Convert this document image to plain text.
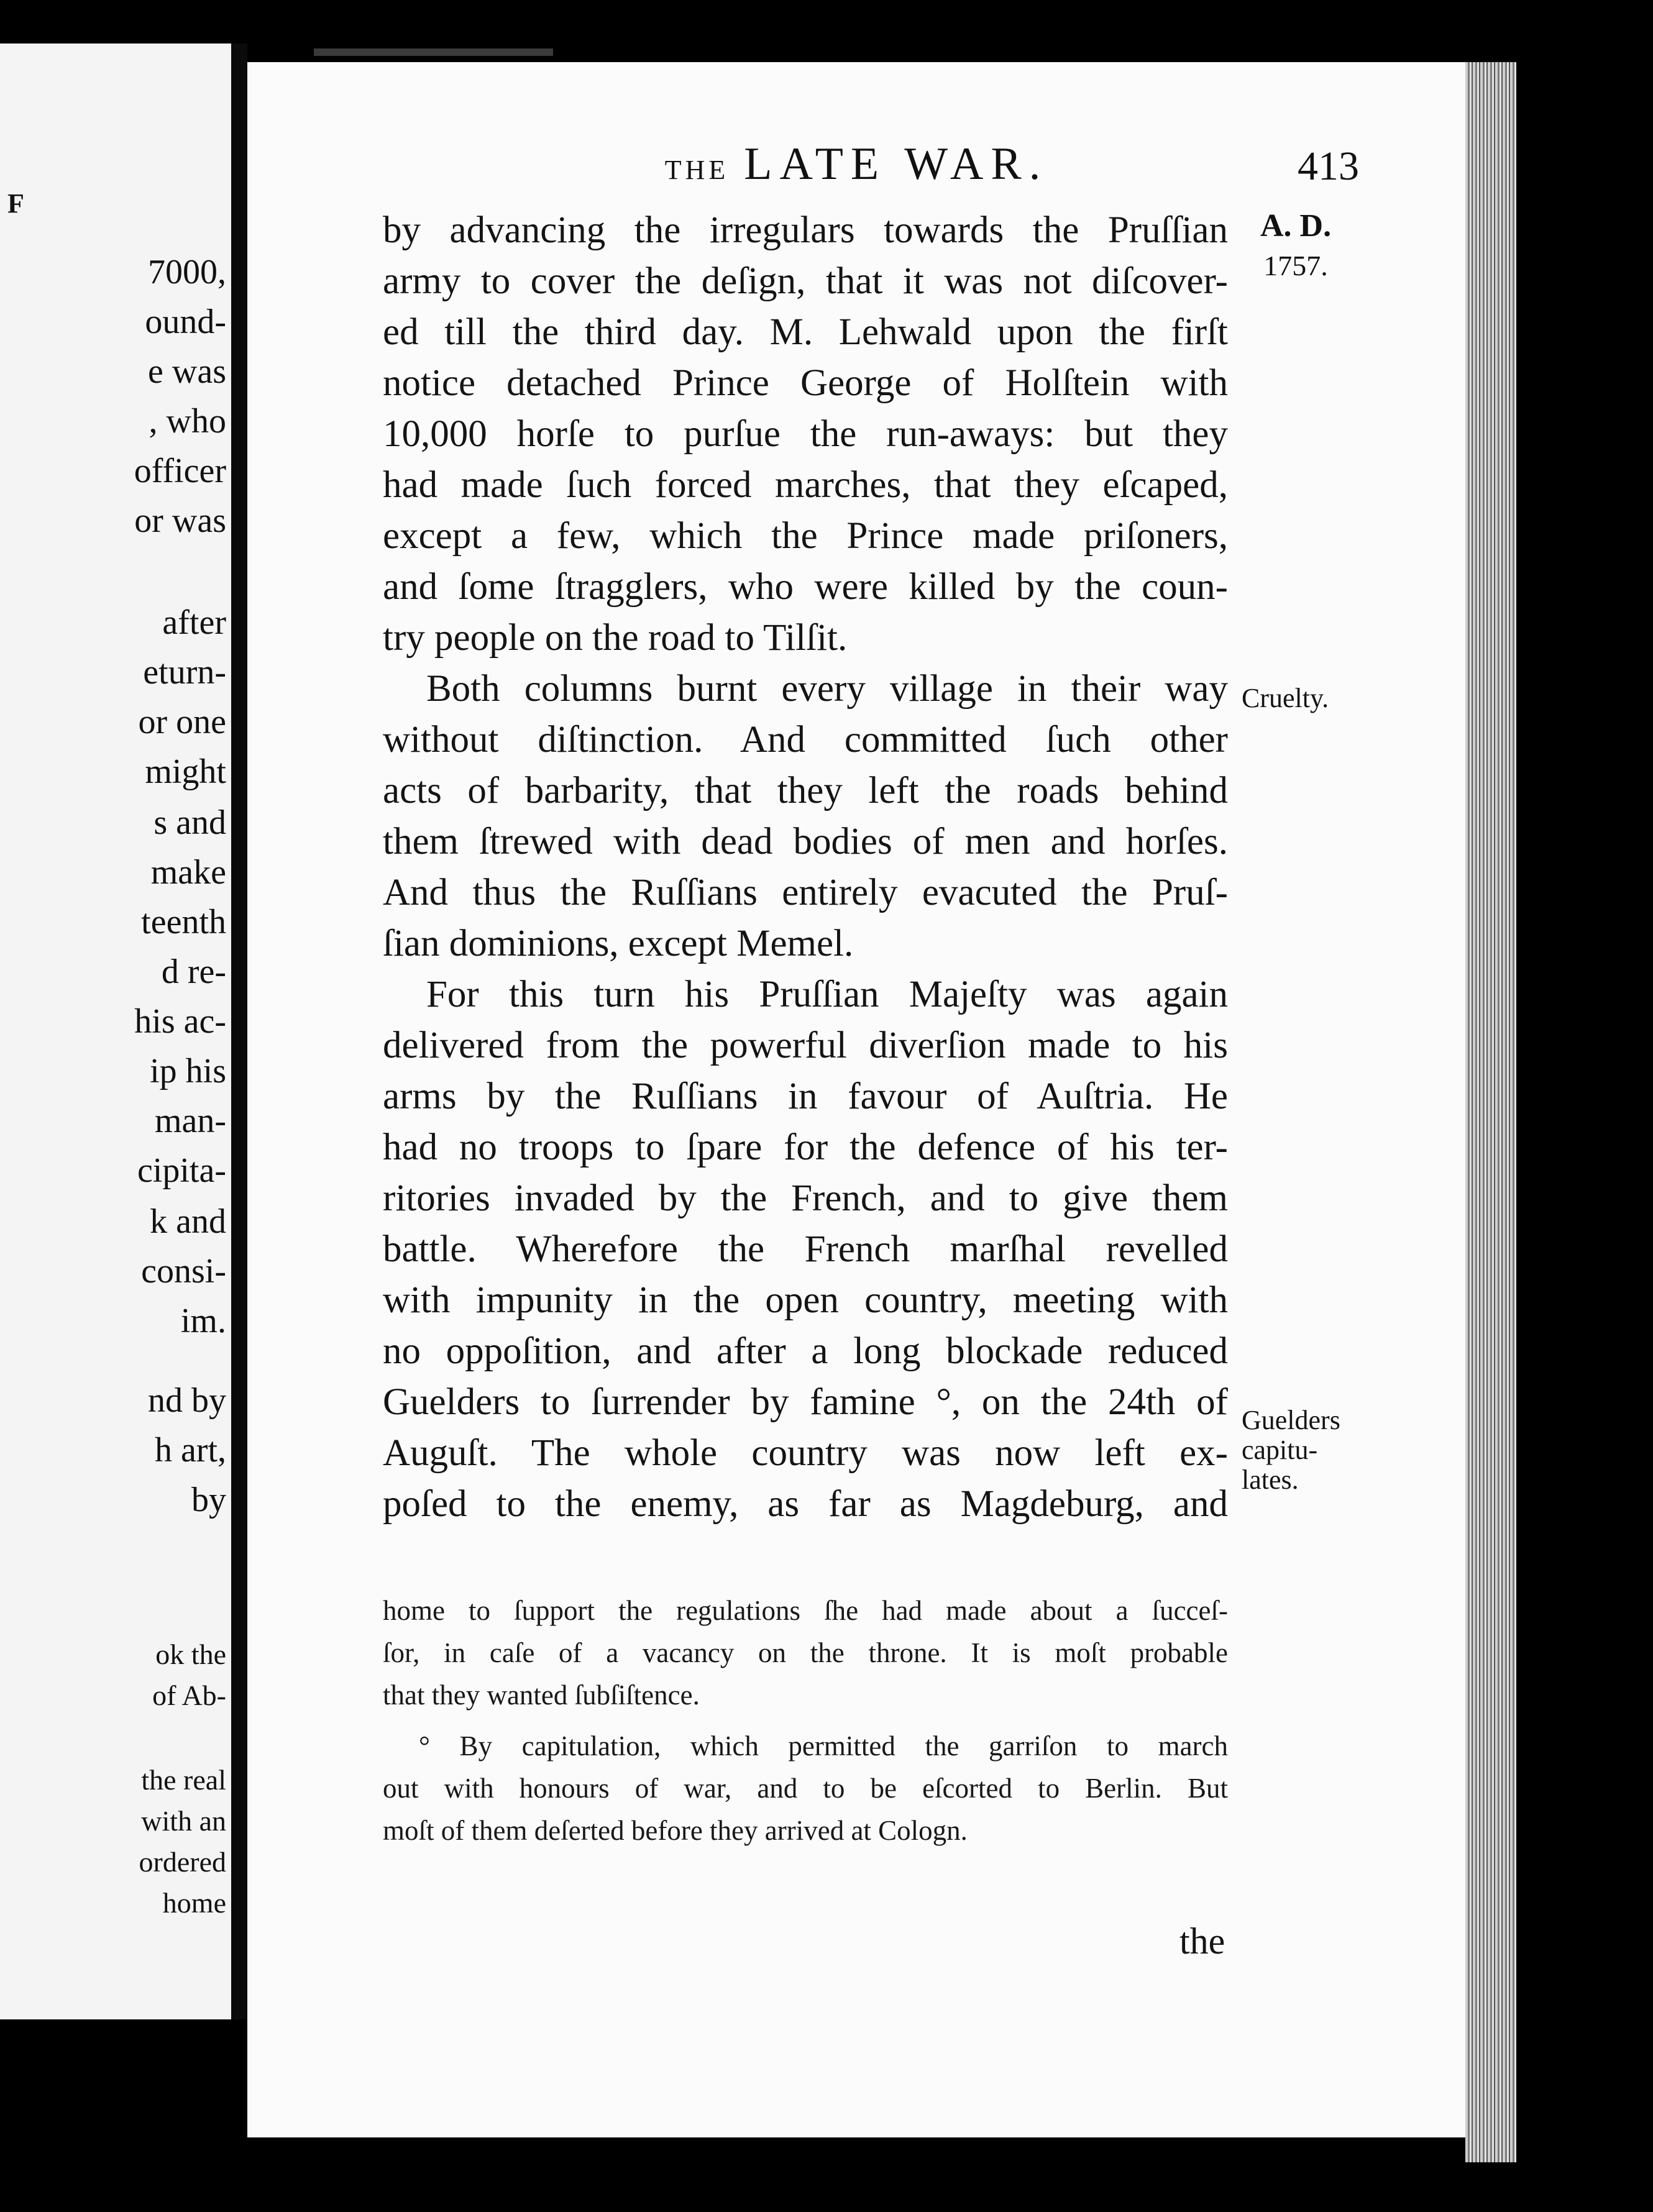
F
7000,
ound-
e was
, who
officer
or was
after
eturn-
or one
might
s and
make
teenth
d re-
his ac-
ip his
man-
cipita-
k and
consi-
im.
nd by
h art,
by
ok the
of Ab-
the real
with an
ordered
home
THE LATE WAR.	413
A. D.
1757.
by advancing the irregulars towards the Pruſſian
army to cover the deſign, that it was not diſcover-
ed till the third day. M. Lehwald upon the firſt
notice detached Prince George of Holſtein with
10,000 horſe to purſue the run-aways: but they
had made ſuch forced marches, that they eſcaped,
except a few, which the Prince made priſoners,
and ſome ſtragglers, who were killed by the coun-
try people on the road to Tilſit.
Both columns burnt every village in their way
without diſtinction. And committed ſuch other
acts of barbarity, that they left the roads behind
them ſtrewed with dead bodies of men and horſes.
And thus the Ruſſians entirely evacuted the Pruſ-
ſian dominions, except Memel.
For this turn his Pruſſian Majeſty was again
delivered from the powerful diverſion made to his
arms by the Ruſſians in favour of Auſtria. He
had no troops to ſpare for the defence of his ter-
ritories invaded by the French, and to give them
battle. Wherefore the French marſhal revelled
with impunity in the open country, meeting with
no oppoſition, and after a long blockade reduced
Guelders to ſurrender by famine °, on the 24th of
Auguſt. The whole country was now left ex-
poſed to the enemy, as far as Magdeburg, and
Cruelty.
Guelders
capitu-
lates.
home to ſupport the regulations ſhe had made about a ſucceſ-
ſor, in caſe of a vacancy on the throne. It is moſt probable
that they wanted ſubſiſtence.
° By capitulation, which permitted the garriſon to march
out with honours of war, and to be eſcorted to Berlin. But
moſt of them deſerted before they arrived at Cologn.
the
